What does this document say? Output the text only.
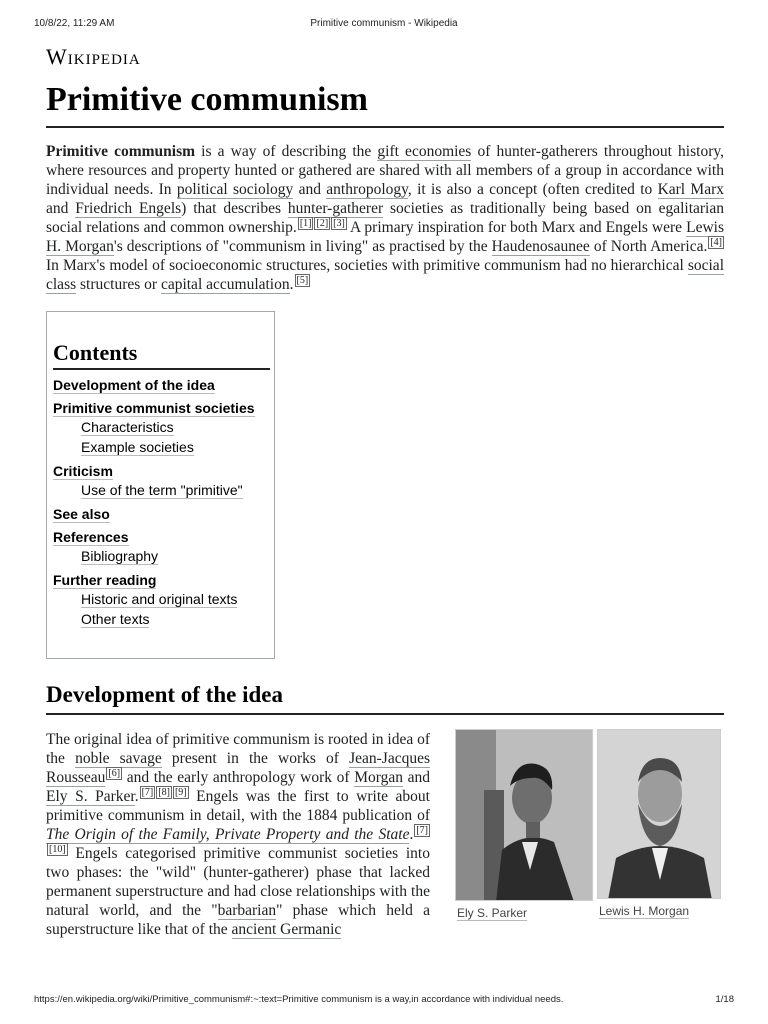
10/8/22, 11:29 AM	Primitive communism - Wikipedia
Wikipedia
Primitive communism
Primitive communism is a way of describing the gift economies of hunter-gatherers throughout history, where resources and property hunted or gathered are shared with all members of a group in accordance with individual needs. In political sociology and anthropology, it is also a concept (often credited to Karl Marx and Friedrich Engels) that describes hunter-gatherer societies as traditionally being based on egalitarian social relations and common ownership. [1] [2] [3] A primary inspiration for both Marx and Engels were Lewis H. Morgan's descriptions of "communism in living" as practised by the Haudenosaunee of North America. [4] In Marx's model of socioeconomic structures, societies with primitive communism had no hierarchical social class structures or capital accumulation. [5]
Contents
Development of the idea
Primitive communist societies
Characteristics
Example societies
Criticism
Use of the term "primitive"
See also
References
Bibliography
Further reading
Historic and original texts
Other texts
Development of the idea
The original idea of primitive communism is rooted in idea of the noble savage present in the works of Jean-Jacques Rousseau [6] and the early anthropology work of Morgan and Ely S. Parker. [7] [8] [9] Engels was the first to write about primitive communism in detail, with the 1884 publication of The Origin of the Family, Private Property and the State. [7][10] Engels categorised primitive communist societies into two phases: the "wild" (hunter-gatherer) phase that lacked permanent superstructure and had close relationships with the natural world, and the "barbarian" phase which held a superstructure like that of the ancient Germanic
Ely S. Parker	Lewis H. Morgan
https://en.wikipedia.org/wiki/Primitive_communism#:~:text=Primitive communism is a way,in accordance with individual needs.	1/18
